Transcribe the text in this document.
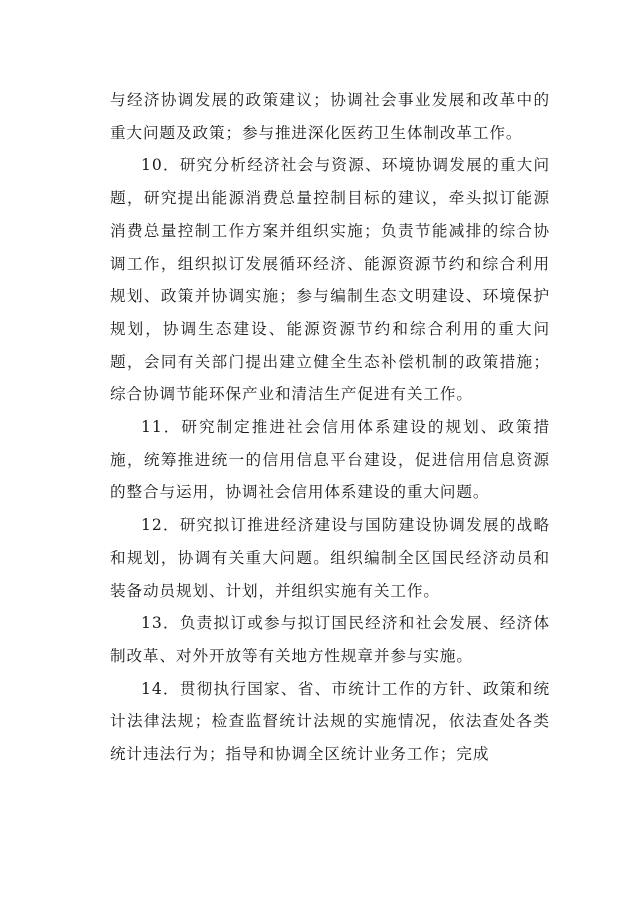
与经济协调发展的政策建议；协调社会事业发展和改革中的重大问题及政策；参与推进深化医药卫生体制改革工作。

10．研究分析经济社会与资源、环境协调发展的重大问题，研究提出能源消费总量控制目标的建议，牵头拟订能源消费总量控制工作方案并组织实施；负责节能减排的综合协调工作，组织拟订发展循环经济、能源资源节约和综合利用规划、政策并协调实施；参与编制生态文明建设、环境保护规划，协调生态建设、能源资源节约和综合利用的重大问题，会同有关部门提出建立健全生态补偿机制的政策措施；综合协调节能环保产业和清洁生产促进有关工作。

11．研究制定推进社会信用体系建设的规划、政策措施，统筹推进统一的信用信息平台建设，促进信用信息资源的整合与运用，协调社会信用体系建设的重大问题。

12．研究拟订推进经济建设与国防建设协调发展的战略和规划，协调有关重大问题。组织编制全区国民经济动员和装备动员规划、计划，并组织实施有关工作。

13．负责拟订或参与拟订国民经济和社会发展、经济体制改革、对外开放等有关地方性规章并参与实施。

14．贯彻执行国家、省、市统计工作的方针、政策和统计法律法规；检查监督统计法规的实施情况，依法查处各类统计违法行为；指导和协调全区统计业务工作；完成
